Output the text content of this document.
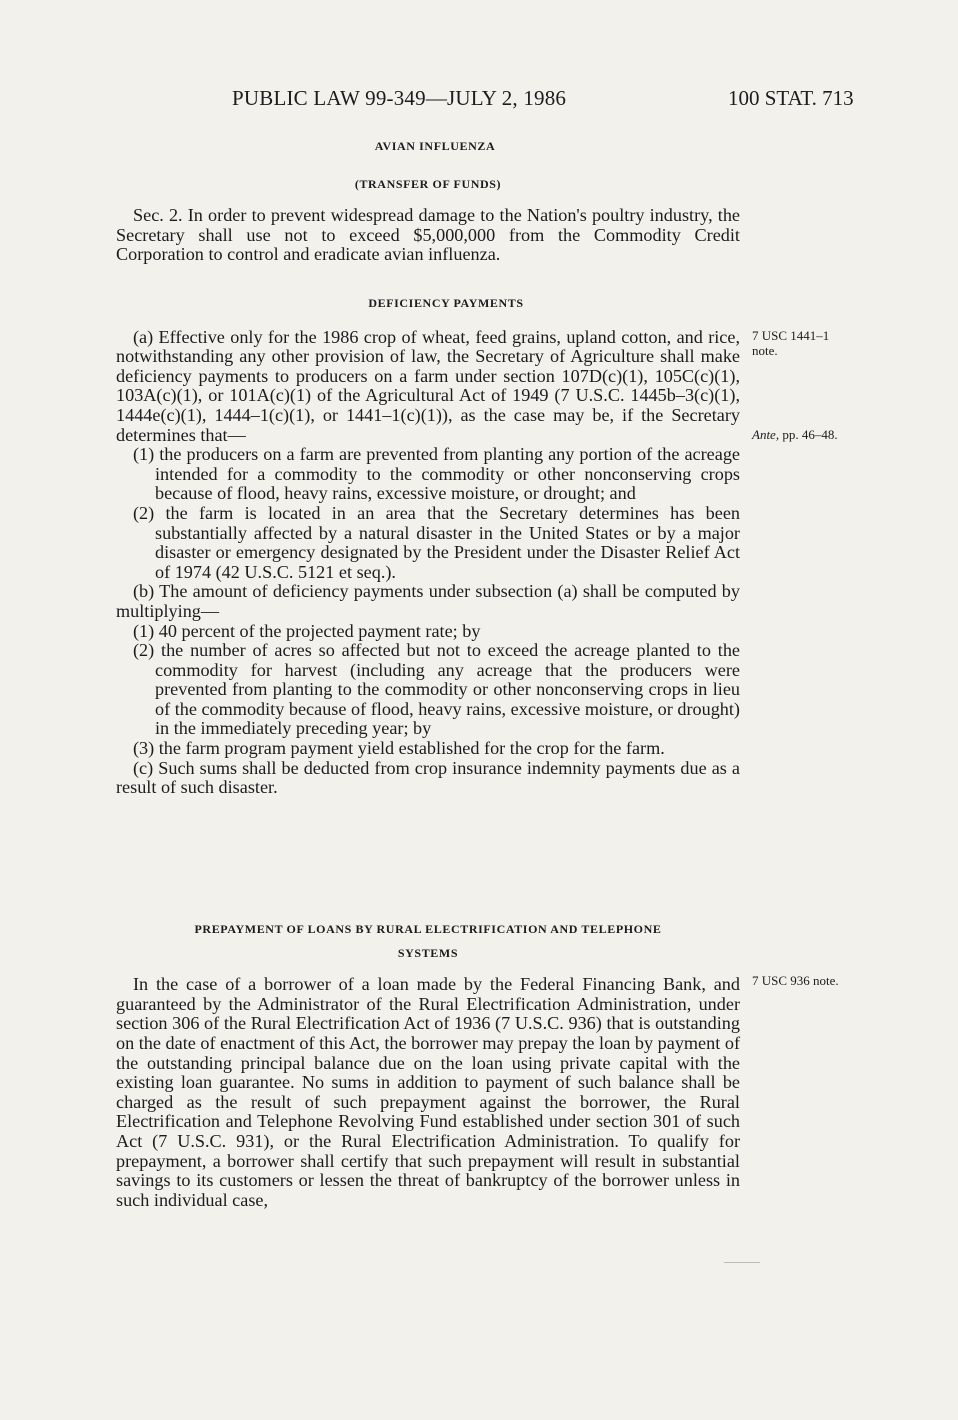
PUBLIC LAW 99-349—JULY 2, 1986	100 STAT. 713
AVIAN INFLUENZA
(TRANSFER OF FUNDS)

Sec. 2. In order to prevent widespread damage to the Nation's poultry industry, the Secretary shall use not to exceed $5,000,000 from the Commodity Credit Corporation to control and eradicate avian influenza.

DEFICIENCY PAYMENTS

(a) Effective only for the 1986 crop of wheat, feed grains, upland cotton, and rice, notwithstanding any other provision of law, the Secretary of Agriculture shall make deficiency payments to producers on a farm under section 107D(c)(1), 105C(c)(1), 103A(c)(1), or 101A(c)(1) of the Agricultural Act of 1949 (7 U.S.C. 1445b–3(c)(1), 1444e(c)(1), 1444–1(c)(1), or 1441–1(c)(1)), as the case may be, if the Secretary determines that—

(1) the producers on a farm are prevented from planting any portion of the acreage intended for a commodity to the commodity or other nonconserving crops because of flood, heavy rains, excessive moisture, or drought; and

(2) the farm is located in an area that the Secretary determines has been substantially affected by a natural disaster in the United States or by a major disaster or emergency designated by the President under the Disaster Relief Act of 1974 (42 U.S.C. 5121 et seq.).

(b) The amount of deficiency payments under subsection (a) shall be computed by multiplying—

(1) 40 percent of the projected payment rate; by

(2) the number of acres so affected but not to exceed the acreage planted to the commodity for harvest (including any acreage that the producers were prevented from planting to the commodity or other nonconserving crops in lieu of the commodity because of flood, heavy rains, excessive moisture, or drought) in the immediately preceding year; by

(3) the farm program payment yield established for the crop for the farm.

(c) Such sums shall be deducted from crop insurance indemnity payments due as a result of such disaster.

PREPAYMENT OF LOANS BY RURAL ELECTRIFICATION AND TELEPHONE
SYSTEMS

In the case of a borrower of a loan made by the Federal Financing Bank, and guaranteed by the Administrator of the Rural Electrification Administration, under section 306 of the Rural Electrification Act of 1936 (7 U.S.C. 936) that is outstanding on the date of enactment of this Act, the borrower may prepay the loan by payment of the outstanding principal balance due on the loan using private capital with the existing loan guarantee. No sums in addition to payment of such balance shall be charged as the result of such prepayment against the borrower, the Rural Electrification and Telephone Revolving Fund established under section 301 of such Act (7 U.S.C. 931), or the Rural Electrification Administration. To qualify for prepayment, a borrower shall certify that such prepayment will result in substantial savings to its customers or lessen the threat of bankruptcy of the borrower unless in such individual case,

7 USC 1441–1
note.
Ante, pp. 46–48.
7 USC 936 note.
